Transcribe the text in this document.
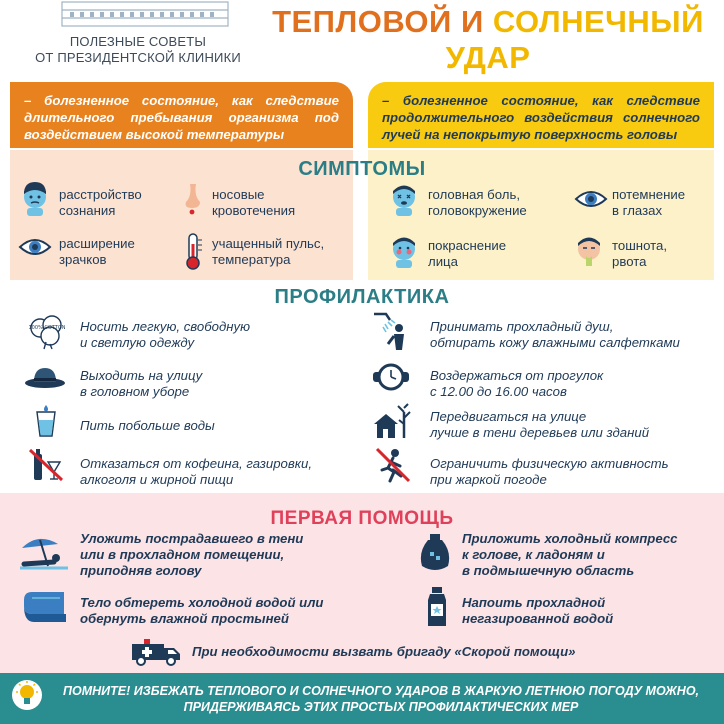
ПОЛЕЗНЫЕ СОВЕТЫ
ОТ ПРЕЗИДЕНТСКОЙ КЛИНИКИ
ТЕПЛОВОЙ И СОЛНЕЧНЫЙ
УДАР
– болезненное состояние, как следствие длительного пребывания организма под воздействием высокой температуры
– болезненное состояние, как следствие продолжительного воздействия солнечного лучей на непокрытую поверхность головы
СИМПТОМЫ
расстройство
сознания
носовые
кровотечения
расширение
зрачков
учащенный пульс,
температура
головная боль,
головокружение
потемнение
в глазах
покраснение
лица
тошнота,
рвота
ПРОФИЛАКТИКА
100% COTTON Носить легкую, свободную
и светлую одежду
Выходить на улицу
в головном уборе
Пить побольше воды
Отказаться от кофеина, газировки,
алкоголя и жирной пищи
Принимать прохладный душ,
обтирать кожу влажными салфетками
Воздержаться от прогулок
с 12.00 до 16.00 часов
Передвигаться на улице
лучше в тени деревьев или зданий
Ограничить физическую активность
при жаркой погоде
ПЕРВАЯ ПОМОЩЬ
Уложить пострадавшего в тени
или в прохладном помещении,
приподняв голову
Тело обтереть холодной водой или
обернуть влажной простыней
Приложить холодный компресс
к голове, к ладоням и
в подмышечную область
Напоить прохладной
негазированной водой
При необходимости вызвать бригаду «Скорой помощи»
ПОМНИТЕ! ИЗБЕЖАТЬ ТЕПЛОВОГО И СОЛНЕЧНОГО УДАРОВ В ЖАРКУЮ ЛЕТНЮЮ ПОГОДУ МОЖНО,
ПРИДЕРЖИВАЯСЬ ЭТИХ ПРОСТЫХ ПРОФИЛАКТИЧЕСКИХ МЕР
